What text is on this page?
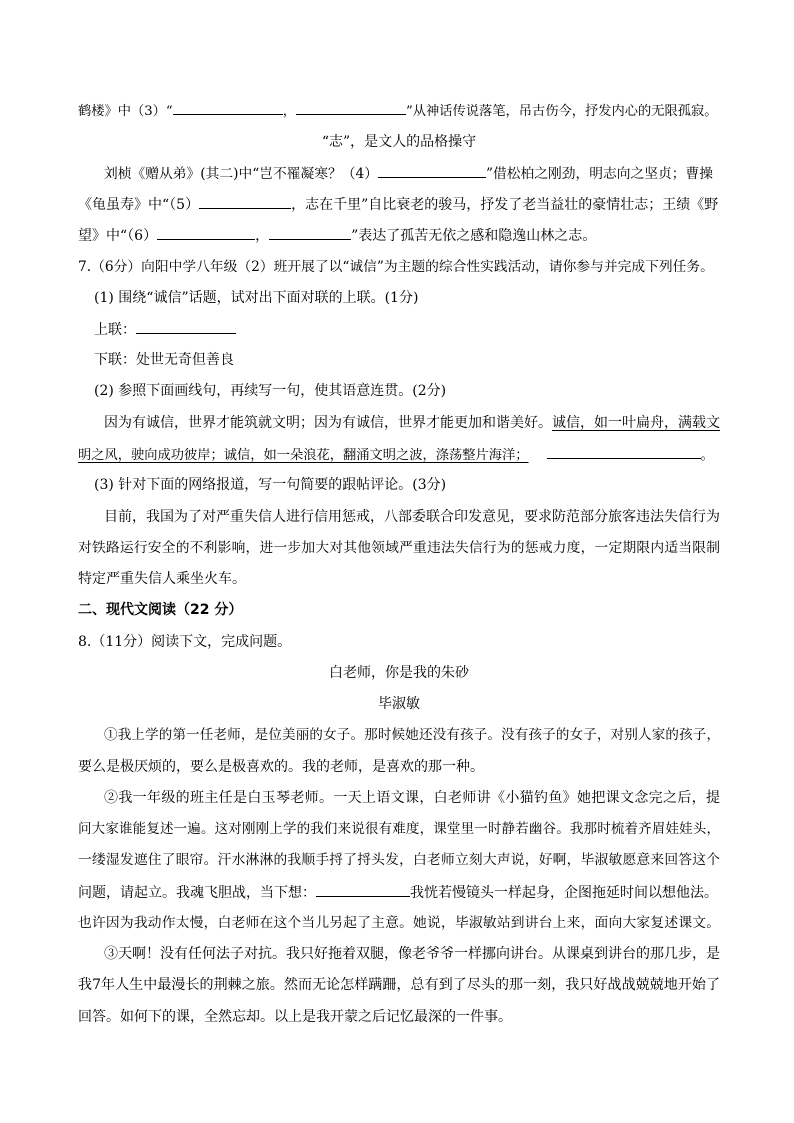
鹤楼》中（3）“	，	”从神话传说落笔，吊古伤今，抒发内心的无限孤寂。
“志”，是文人的品格操守
刘桢《赠从弟》(其二)中“岂不罹凝寒？（4）	”借松柏之刚劲，明志向之坚贞；曹操
《龟虽寿》中“（5）	，志在千里”自比衰老的骏马，抒发了老当益壮的豪情壮志；王绩《野
望》中“（6）	，	”表达了孤苦无依之感和隐逸山林之志。
7.（6分）向阳中学八年级（2）班开展了以“诚信”为主题的综合性实践活动，请你参与并完成下列任务。
(1) 围绕“诚信”话题，试对出下面对联的上联。(1分)
上联：
下联：处世无奇但善良
(2) 参照下面画线句，再续写一句，使其语意连贯。(2分)
因为有诚信，世界才能筑就文明；因为有诚信，世界才能更加和谐美好。诚信，如一叶扁舟，满载文
明之风，驶向成功彼岸；诚信，如一朵浪花，翻涌文明之波，涤荡整片海洋；	。
(3) 针对下面的网络报道，写一句简要的跟帖评论。(3分)
目前，我国为了对严重失信人进行信用惩戒，八部委联合印发意见，要求防范部分旅客违法失信行为
对铁路运行安全的不利影响，进一步加大对其他领域严重违法失信行为的惩戒力度，一定期限内适当限制
特定严重失信人乘坐火车。
二、现代文阅读（22 分）
8.（11分）阅读下文，完成问题。
白老师，你是我的朱砂
毕淑敏
①我上学的第一任老师，是位美丽的女子。那时候她还没有孩子。没有孩子的女子，对别人家的孩子，
要么是极厌烦的，要么是极喜欢的。我的老师，是喜欢的那一种。
②我一年级的班主任是白玉琴老师。一天上语文课，白老师讲《小猫钓鱼》她把课文念完之后，提
问大家谁能复述一遍。这对刚刚上学的我们来说很有难度，课堂里一时静若幽谷。我那时梳着齐眉娃娃头，
一缕湿发遮住了眼帘。汗水淋淋的我顺手捋了捋头发，白老师立刻大声说，好啊，毕淑敏愿意来回答这个
问题，请起立。我魂飞胆战，当下想：	我恍若慢镜头一样起身，企图拖延时间以想他法。
也许因为我动作太慢，白老师在这个当儿另起了主意。她说，毕淑敏站到讲台上来，面向大家复述课文。
③天啊！没有任何法子对抗。我只好拖着双腿，像老爷爷一样挪向讲台。从课桌到讲台的那几步，是
我7年人生中最漫长的荆棘之旅。然而无论怎样蹒跚，总有到了尽头的那一刻，我只好战战兢兢地开始了
回答。如何下的课，全然忘却。以上是我开蒙之后记忆最深的一件事。
